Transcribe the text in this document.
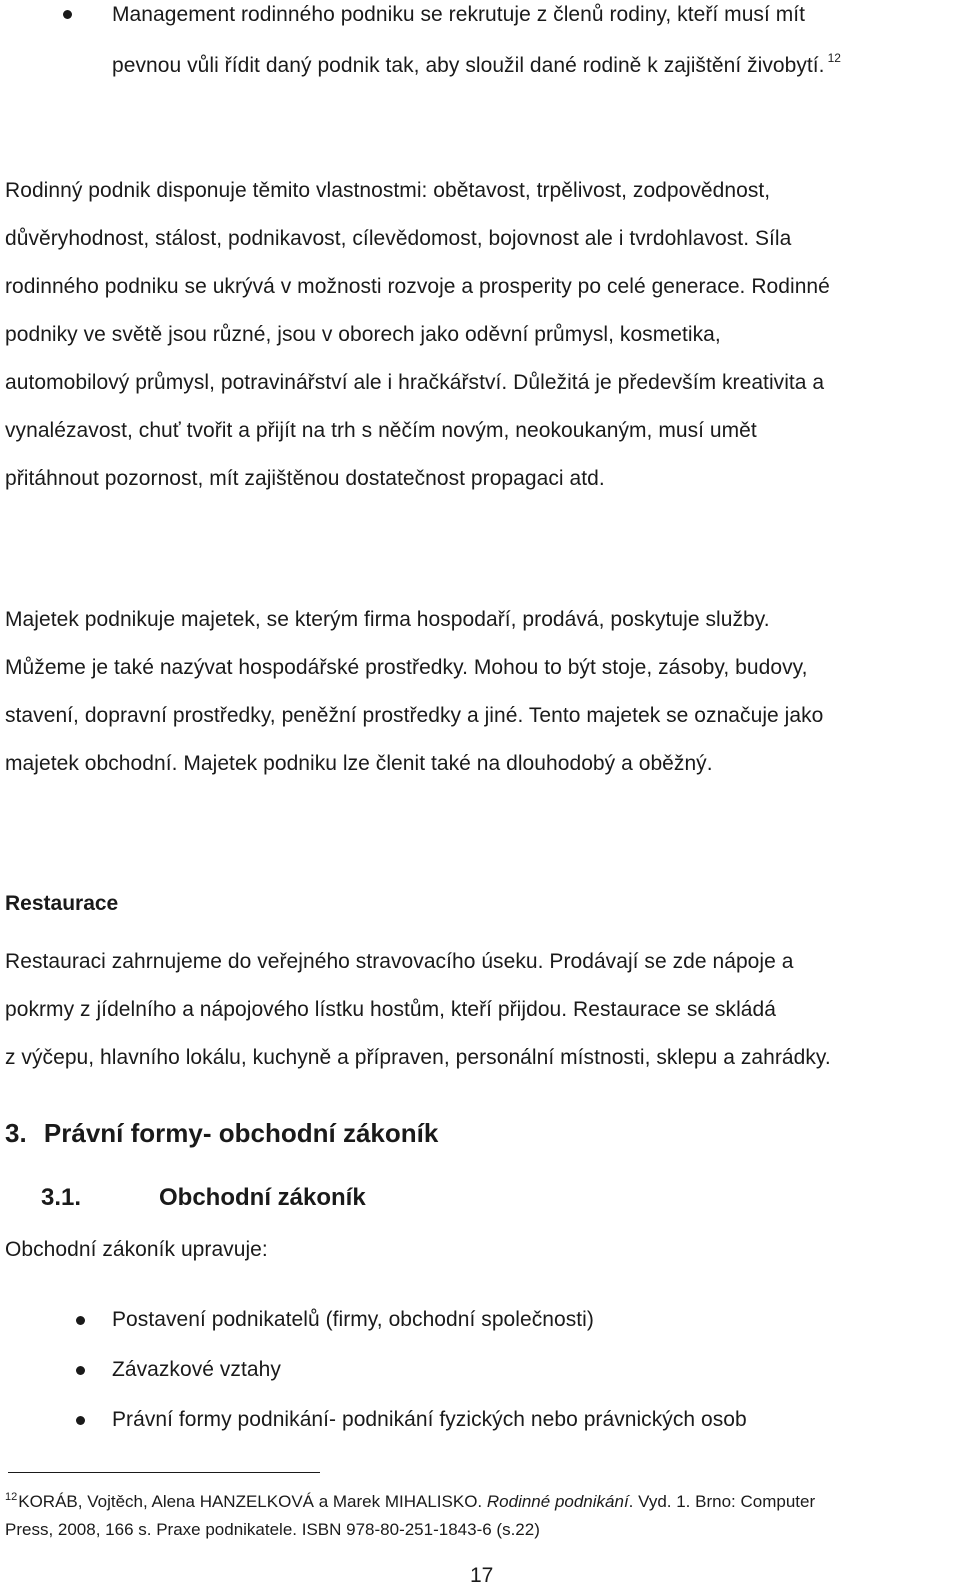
Management rodinného podniku se rekrutuje z členů rodiny, kteří musí mít
pevnou vůli řídit daný podnik tak, aby sloužil dané rodině k zajištění živobytí. $^{12}$
Rodinný podnik disponuje těmito vlastnostmi: obětavost, trpělivost, zodpovědnost,
důvěryhodnost, stálost, podnikavost, cílevědomost, bojovnost ale i tvrdohlavost. Síla
rodinného podniku se ukrývá v možnosti rozvoje a prosperity po celé generace. Rodinné
podniky ve světě jsou různé, jsou v oborech jako oděvní průmysl, kosmetika,
automobilový průmysl, potravinářství ale i hračkářství. Důležitá je především kreativita a
vynalézavost, chuť tvořit a přijít na trh s něčím novým, neokoukaným, musí umět
přitáhnout pozornost, mít zajištěnou dostatečnost propagaci atd.
Majetek podnikuje majetek, se kterým firma hospodaří, prodává, poskytuje služby.
Můžeme je také nazývat hospodářské prostředky. Mohou to být stoje, zásoby, budovy,
stavení, dopravní prostředky, peněžní prostředky a jiné. Tento majetek se označuje jako
majetek obchodní. Majetek podniku lze členit také na dlouhodobý a oběžný.
Restaurace
Restauraci zahrnujeme do veřejného stravovacího úseku. Prodávají se zde nápoje a
pokrmy z jídelního a nápojového lístku hostům, kteří přijdou. Restaurace se skládá
z výčepu, hlavního lokálu, kuchyně a přípraven, personální místnosti, sklepu a zahrádky.
3. Právní formy- obchodní zákoník
3.1.	Obchodní zákoník
Obchodní zákoník upravuje:
Postavení podnikatelů (firmy, obchodní společnosti)
Závazkové vztahy
Právní formy podnikání- podnikání fyzických nebo právnických osob
$^{12}$KORÁB, Vojtěch, Alena HANZELKOVÁ a Marek MIHALISKO. Rodinné podnikání. Vyd. 1. Brno: Computer
Press, 2008, 166 s. Praxe podnikatele. ISBN 978-80-251-1843-6 (s.22)
17
